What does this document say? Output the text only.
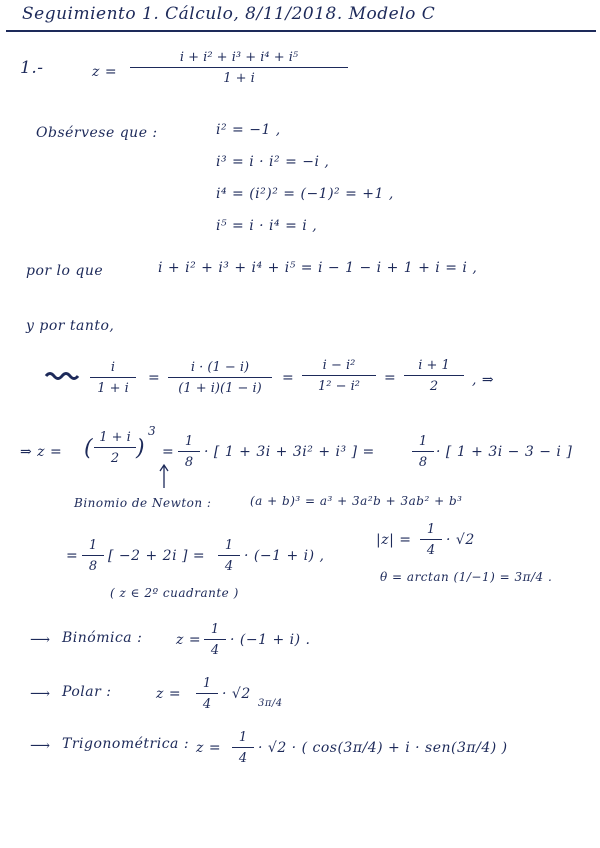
Seguimiento 1. Cálculo, 8/11/2018. Modelo C
1.-	z =
i + i² + i³ + i⁴ + i⁵
1 + i
Obsérvese que :	i² = −1 ,
i³ = i · i² = −i ,
i⁴ = (i²)² = (−1)² = +1 ,
i⁵ = i · i⁴ = i ,
por lo que	i + i² + i³ + i⁴ + i⁵ = i − 1 − i + 1 + i = i ,
y por tanto,
i
1 + i
=
i · (1 − i)
(1 + i)(1 − i)
=
i − i²
1² − i²
=
i + 1
2 , ⇒
⇒ z = ( 1 + i
2 )
3
=
1
8
· [ 1 + 3i + 3i² + i³ ] =
1
8
· [ 1 + 3i − 3 − i ]
Binomio de Newton :	(a + b)³ = a³ + 3a²b + 3ab² + b³
=
1
8
[ −2 + 2i ] =
1
4
· (−1 + i) ,
( z ∈ 2º cuadrante )
|z| =
1
4
· √2
θ = arctan (1/−1) = 3π/4 .
⟶ Binómica : z =
1
4
· (−1 + i) .
⟶ Polar :	z =
1
4
· √2
3π/4
⟶ Trigonométrica : z =
1
4
· √2 · ( cos(3π/4) + i · sen(3π/4) )
